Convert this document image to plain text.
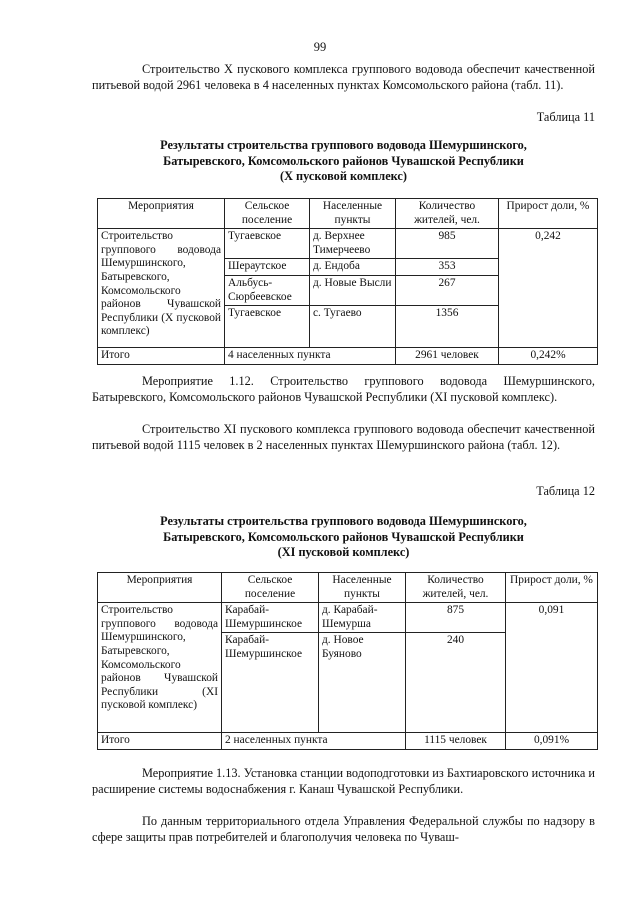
99

Строительство X пускового комплекса группового водовода обеспечит качественной питьевой водой 2961 человека в 4 населенных пунктах Комсомольского района (табл. 11).

Таблица 11
Результаты строительства группового водовода Шемуршинского,
Батыревского, Комсомольского районов Чувашской Республики
(X пусковой комплекс)
Мероприятия	Сельское поселение	Населенные пункты	Количество жителей, чел.	Прирост доли, %
Строительство группового водовода Шемуршинского, Батыревского, Комсомольского районов Чувашской Республики (X пусковой комплекс)	Тугаевское	д. Верхнее Тимерчеево	985	0,242
	Шераутское	д. Ендоба	353	
	Альбусь-Сюрбеевское	д. Новые Высли	267	
	Тугаевское	с. Тугаево	1356	
Итого	4 населенных пункта		2961 человек	0,242%

Мероприятие 1.12. Строительство группового водовода Шемуршинского, Батыревского, Комсомольского районов Чувашской Республики (XI пусковой комплекс).

Строительство XI пускового комплекса группового водовода обеспечит качественной питьевой водой 1115 человек в 2 населенных пунктах Шемуршинского района (табл. 12).

Таблица 12
Результаты строительства группового водовода Шемуршинского,
Батыревского, Комсомольского районов Чувашской Республики
(XI пусковой комплекс)
Мероприятия	Сельское поселение	Населенные пункты	Количество жителей, чел.	Прирост доли, %
Строительство группового водовода Шемуршинского, Батыревского, Комсомольского районов Чувашской Республики (XI пусковой комплекс)	Карабай-Шемуршинское	д. Карабай-Шемурша	875	0,091
	Карабай-Шемуршинское	д. Новое Буяново	240	
Итого	2 населенных пункта		1115 человек	0,091%

Мероприятие 1.13. Установка станции водоподготовки из Бахтиаровского источника и расширение системы водоснабжения г. Канаш Чувашской Республики.

По данным территориального отдела Управления Федеральной службы по надзору в сфере защиты прав потребителей и благополучия человека по Чуваш-
